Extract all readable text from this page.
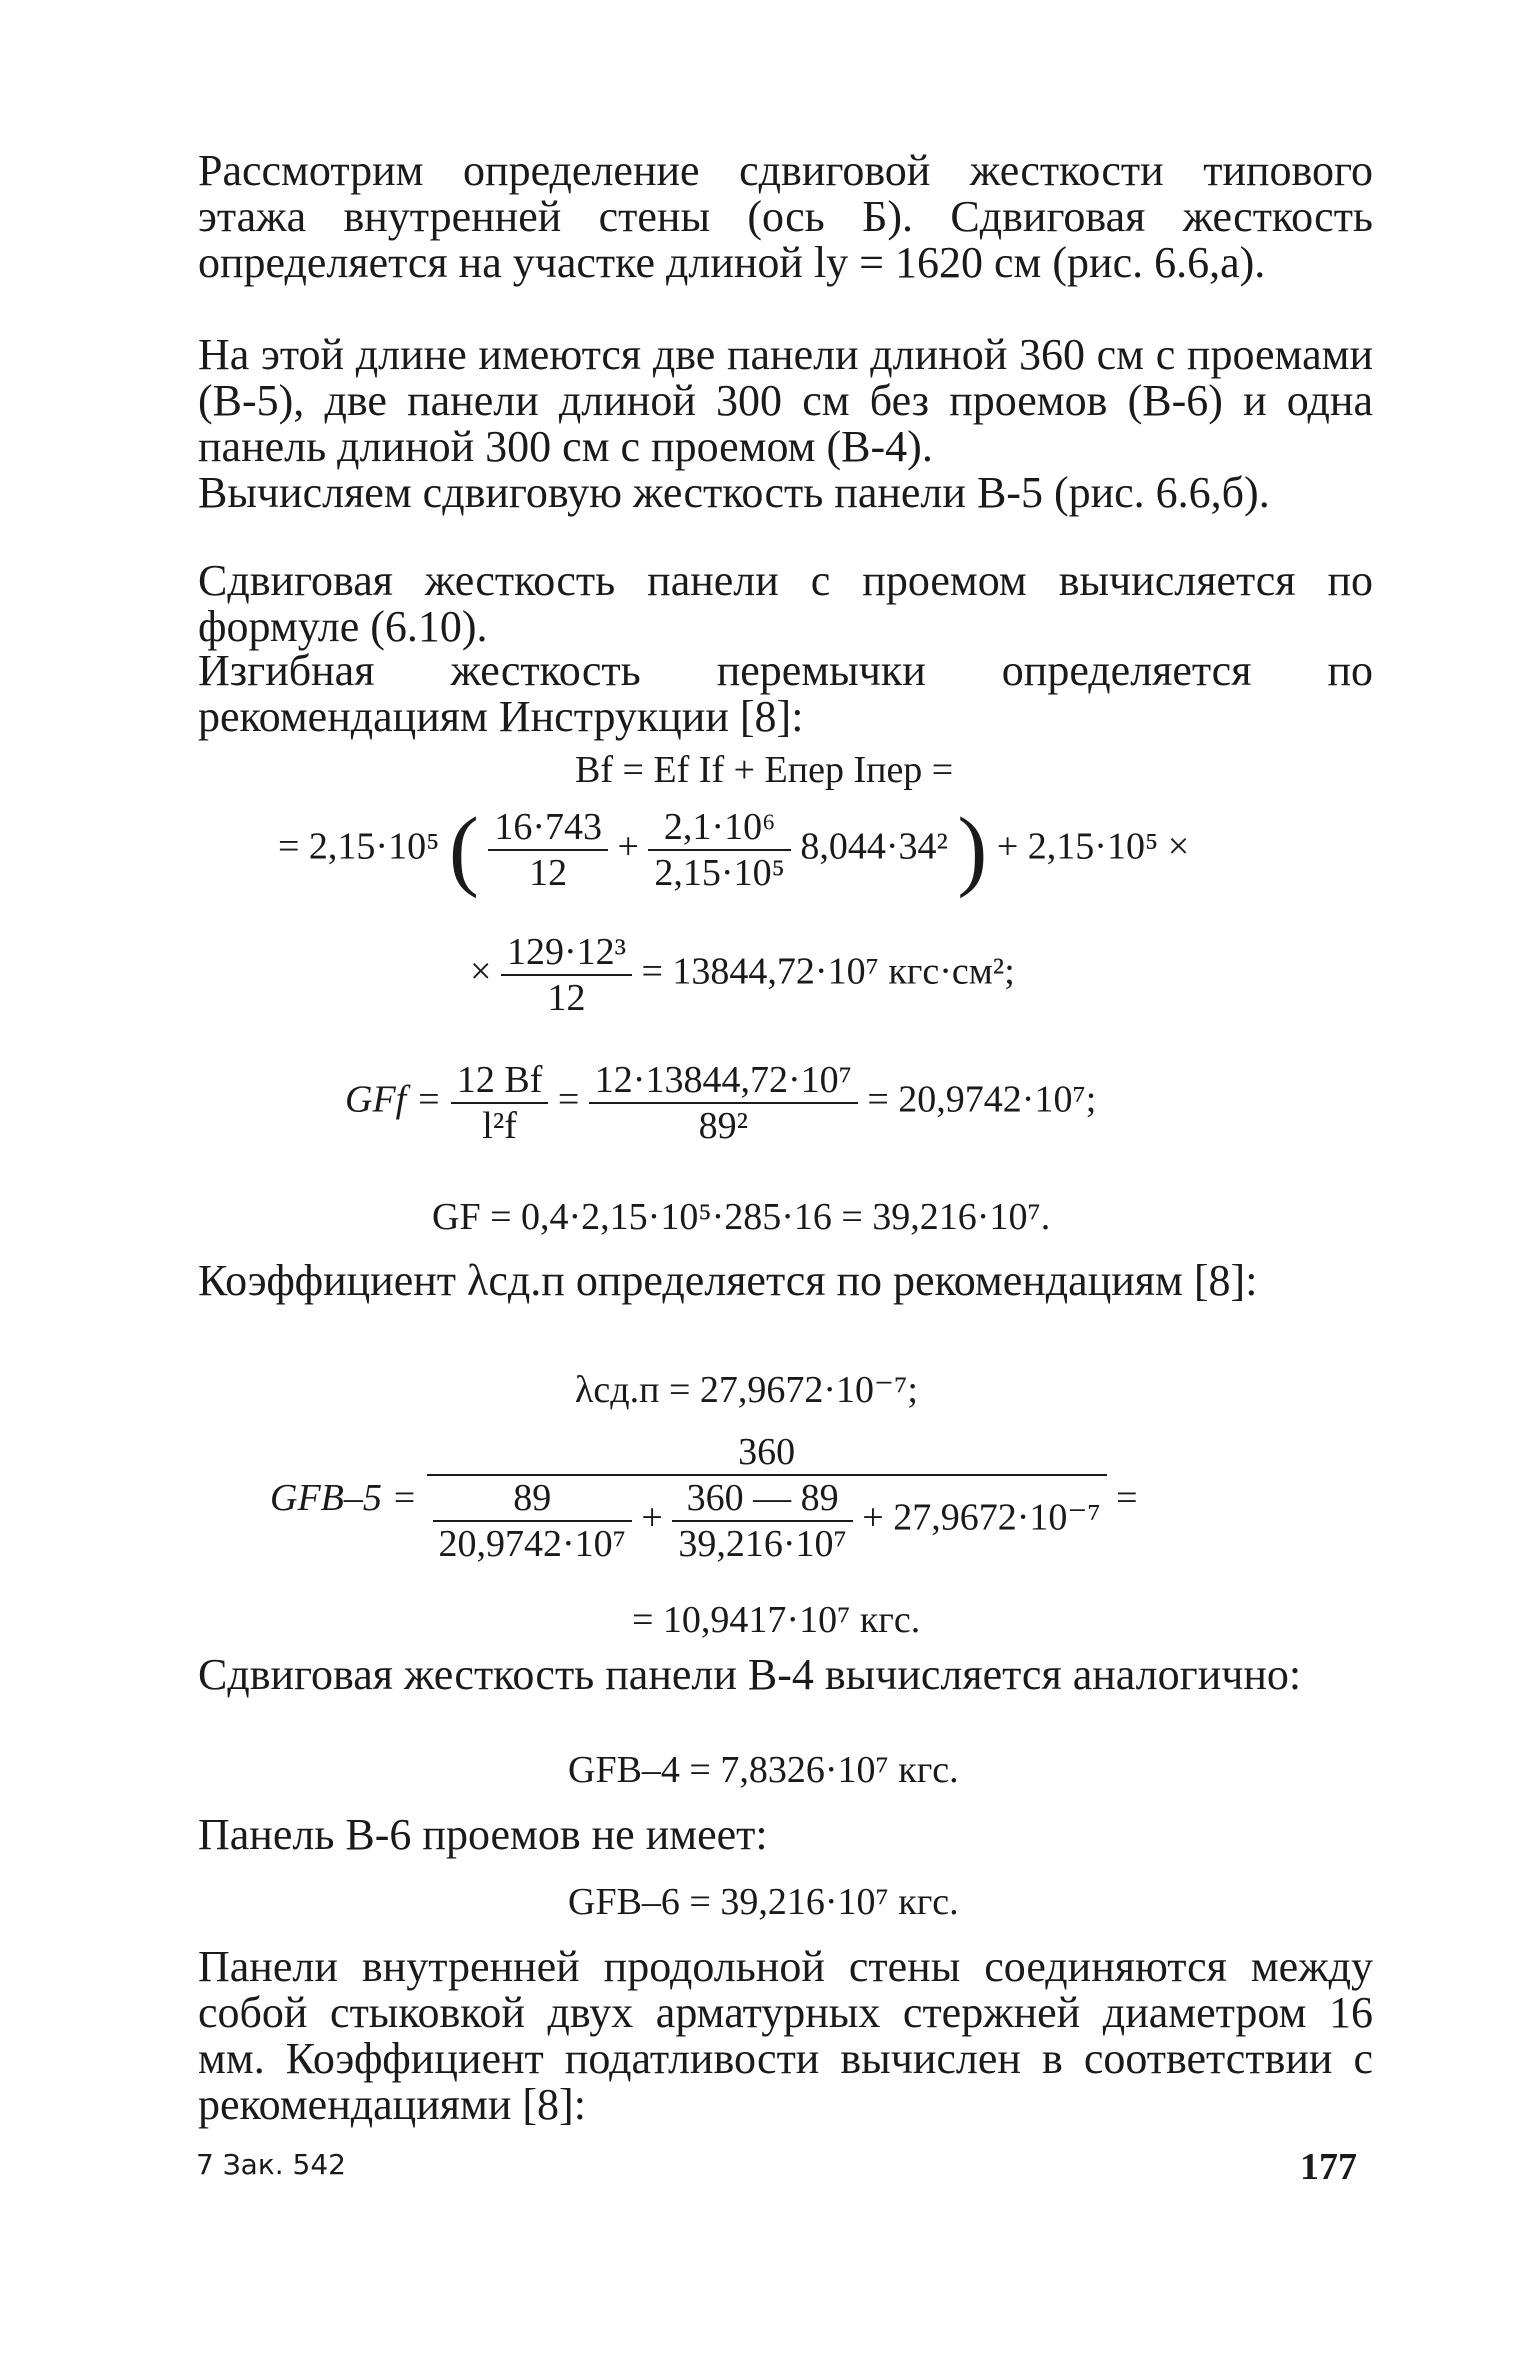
Рассмотрим определение сдвиговой жесткости типового этажа внутренней стены (ось Б). Сдвиговая жесткость определяется на участке длиной lу = 1620 см (рис. 6.6,а).

На этой длине имеются две панели длиной 360 см с проемами (В-5), две панели длиной 300 см без проемов (В-6) и одна панель длиной 300 см с проемом (В-4).

Вычисляем сдвиговую жесткость панели В-5 (рис. 6.6,б).

Сдвиговая жесткость панели с проемом вычисляется по формуле (6.10).

Изгибная жесткость перемычки определяется по рекомендациям Инструкции [8]:

Bf = Ef If + Eпер Iпер =
= 2,15·10⁵ ( $\frac{16\cdot 743}{12} + \frac{\text{2,1·10⁶}}{\text{2,15·10⁵}} 8,044\cdot 34^2$ ) + 2,15·10⁵ ×
× $\frac{\text{129·12³}}{12} = 13844,72\cdot 10^7$ кгс·см²;
GFf = $\frac{12 Bf}{\text{l²f}} = \frac{\text{12·13844,72·10⁷}}{\text{89²}} = 20,9742\cdot 10^7$;
GF = 0,4·2,15·10⁵·285·16 = 39,216·10⁷.

Коэффициент λсд.п определяется по рекомендациям [8]:

λсд.п = 27,9672·10⁻⁷;
GFВ–5 =
360
$\frac{89}{\text{20,9742·10⁷}} + \frac{360 — 89}{\text{39,216·10⁷}} + 27,9672\cdot 10^{-7}$ =
= 10,9417·10⁷ кгс.

Сдвиговая жесткость панели В-4 вычисляется аналогично:

GFВ–4 = 7,8326·10⁷ кгс.

Панель В-6 проемов не имеет:

GFВ–6 = 39,216·10⁷ кгс.

Панели внутренней продольной стены соединяются между собой стыковкой двух арматурных стержней диаметром 16 мм. Коэффициент податливости вычислен в соответствии с рекомендациями [8]:

7 Зак. 542	177
